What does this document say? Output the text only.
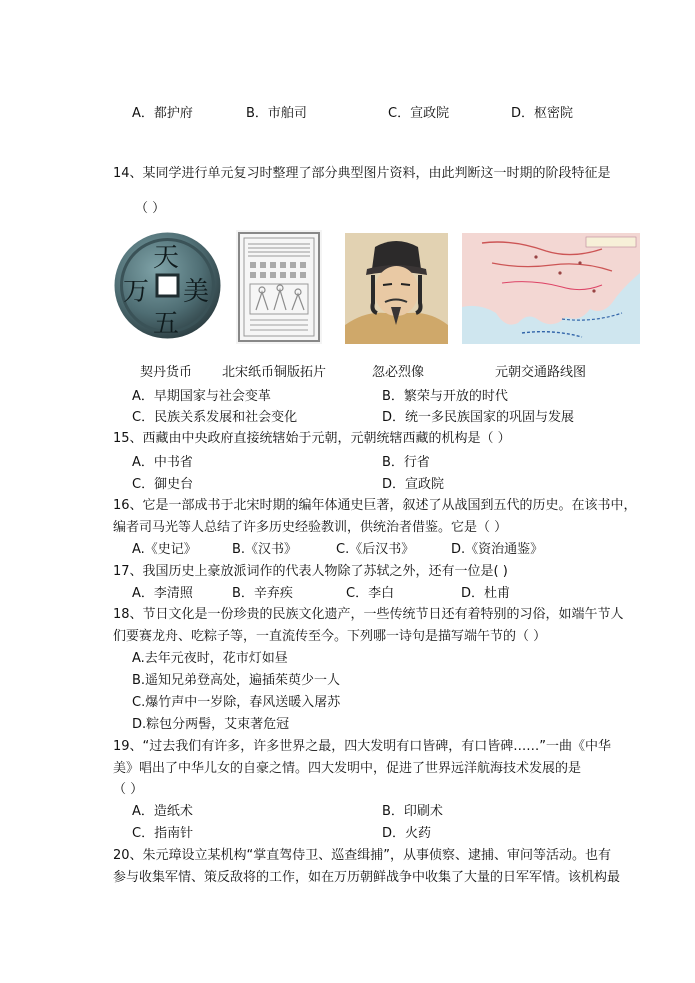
A．都护府	B．市舶司	C．宣政院	D．枢密院
14、某同学进行单元复习时整理了部分典型图片资料，由此判断这一时期的阶段特征是
（ ）
天
万 美
五
契丹货币 北宋纸币铜版拓片	忽必烈像	元朝交通路线图
A．早期国家与社会变革	B．繁荣与开放的时代
C．民族关系发展和社会变化	D．统一多民族国家的巩固与发展
15、西藏由中央政府直接统辖始于元朝，元朝统辖西藏的机构是（ ）
A．中书省	B．行省
C．御史台	D．宣政院
16、它是一部成书于北宋时期的编年体通史巨著，叙述了从战国到五代的历史。在该书中，
编者司马光等人总结了许多历史经验教训，供统治者借鉴。它是（ ）
A.《史记》	B.《汉书》	C.《后汉书》	D.《资治通鉴》
17、我国历史上豪放派词作的代表人物除了苏轼之外，还有一位是( )
A．李清照	B．辛弃疾	C．李白	D．杜甫
18、节日文化是一份珍贵的民族文化遗产，一些传统节日还有着特别的习俗，如端午节人
们要赛龙舟、吃粽子等，一直流传至今。下列哪一诗句是描写端午节的（ ）
A.去年元夜时，花市灯如昼
B.遥知兄弟登高处，遍插茱萸少一人
C.爆竹声中一岁除，春风送暖入屠苏
D.粽包分两髻，艾束著危冠
19、“过去我们有许多，许多世界之最，四大发明有口皆碑，有口皆碑……”一曲《中华
美》唱出了中华儿女的自豪之情。四大发明中，促进了世界远洋航海技术发展的是
（ ）
A．造纸术	B．印刷术
C．指南针	D．火药
20、朱元璋设立某机构“掌直驾侍卫、巡查缉捕”，从事侦察、逮捕、审问等活动。也有
参与收集军情、策反敌将的工作，如在万历朝鲜战争中收集了大量的日军军情。该机构最
